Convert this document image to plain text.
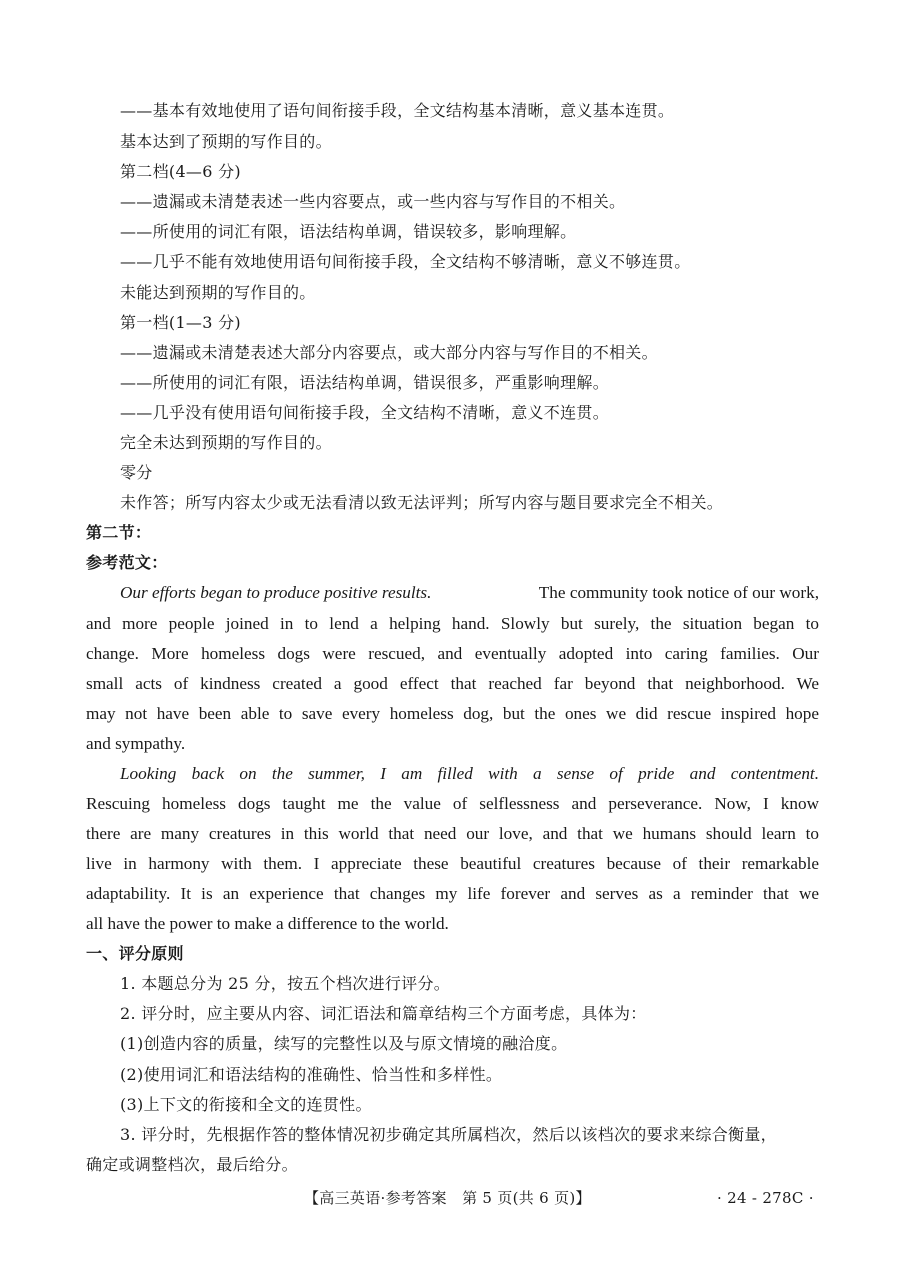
——基本有效地使用了语句间衔接手段，全文结构基本清晰，意义基本连贯。
基本达到了预期的写作目的。
第二档(4—6 分)
——遗漏或未清楚表述一些内容要点，或一些内容与写作目的不相关。
——所使用的词汇有限，语法结构单调，错误较多，影响理解。
——几乎不能有效地使用语句间衔接手段，全文结构不够清晰，意义不够连贯。
未能达到预期的写作目的。
第一档(1—3 分)
——遗漏或未清楚表述大部分内容要点，或大部分内容与写作目的不相关。
——所使用的词汇有限，语法结构单调，错误很多，严重影响理解。
——几乎没有使用语句间衔接手段，全文结构不清晰，意义不连贯。
完全未达到预期的写作目的。
零分
未作答；所写内容太少或无法看清以致无法评判；所写内容与题目要求完全不相关。
第二节：
参考范文：
Our efforts began to produce positive results.	The community took notice of our work,
and more people joined in to lend a helping hand. Slowly but surely, the situation began to
change. More homeless dogs were rescued, and eventually adopted into caring families. Our
small acts of kindness created a good effect that reached far beyond that neighborhood. We
may not have been able to save every homeless dog, but the ones we did rescue inspired hope
and sympathy.
Looking back on the summer, I am filled with a sense of pride and contentment.
Rescuing homeless dogs taught me the value of selflessness and perseverance. Now, I know
there are many creatures in this world that need our love, and that we humans should learn to
live in harmony with them. I appreciate these beautiful creatures because of their remarkable
adaptability. It is an experience that changes my life forever and serves as a reminder that we
all have the power to make a difference to the world.
一、评分原则
1. 本题总分为 25 分，按五个档次进行评分。
2. 评分时，应主要从内容、词汇语法和篇章结构三个方面考虑，具体为：
(1)创造内容的质量，续写的完整性以及与原文情境的融洽度。
(2)使用词汇和语法结构的准确性、恰当性和多样性。
(3)上下文的衔接和全文的连贯性。
3. 评分时，先根据作答的整体情况初步确定其所属档次，然后以该档次的要求来综合衡量，
确定或调整档次，最后给分。
【高三英语·参考答案　第 5 页(共 6 页)】	· 24 - 278C ·
